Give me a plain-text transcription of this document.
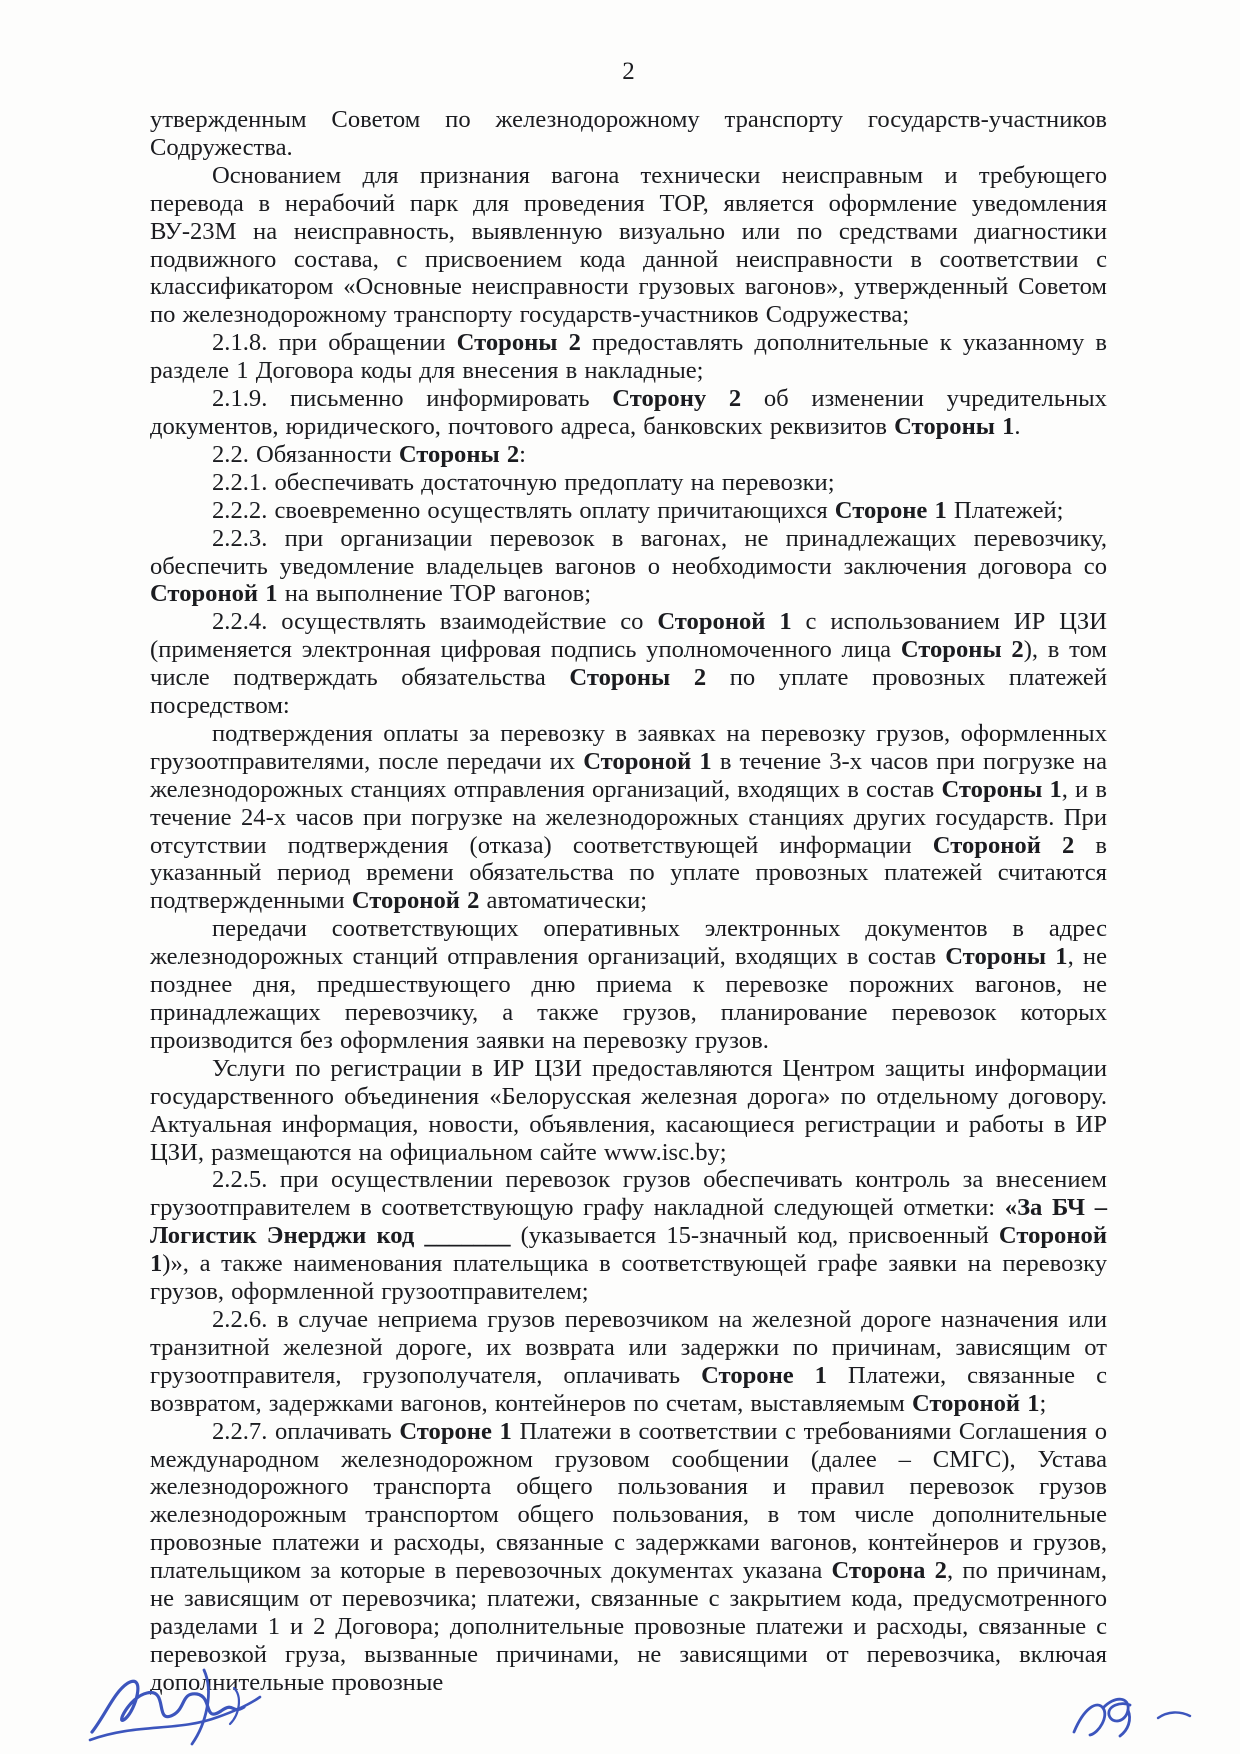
2

утвержденным Советом по железнодорожному транспорту государств-участников Содружества.

Основанием для признания вагона технически неисправным и требующего перевода в нерабочий парк для проведения ТОР, является оформление уведомления ВУ-23М на неисправность, выявленную визуально или по средствами диагностики подвижного состава, с присвоением кода данной неисправности в соответствии с классификатором «Основные неисправности грузовых вагонов», утвержденный Советом по железнодорожному транспорту государств-участников Содружества;

2.1.8. при обращении Стороны 2 предоставлять дополнительные к указанному в разделе 1 Договора коды для внесения в накладные;

2.1.9. письменно информировать Сторону 2 об изменении учредительных документов, юридического, почтового адреса, банковских реквизитов Стороны 1.

2.2. Обязанности Стороны 2:

2.2.1. обеспечивать достаточную предоплату на перевозки;

2.2.2. своевременно осуществлять оплату причитающихся Стороне 1 Платежей;

2.2.3. при организации перевозок в вагонах, не принадлежащих перевозчику, обеспечить уведомление владельцев вагонов о необходимости заключения договора со Стороной 1 на выполнение ТОР вагонов;

2.2.4. осуществлять взаимодействие со Стороной 1 с использованием ИР ЦЗИ (применяется электронная цифровая подпись уполномоченного лица Стороны 2), в том числе подтверждать обязательства Стороны 2 по уплате провозных платежей посредством:

подтверждения оплаты за перевозку в заявках на перевозку грузов, оформленных грузоотправителями, после передачи их Стороной 1 в течение 3-х часов при погрузке на железнодорожных станциях отправления организаций, входящих в состав Стороны 1, и в течение 24-х часов при погрузке на железнодорожных станциях других государств. При отсутствии подтверждения (отказа) соответствующей информации Стороной 2 в указанный период времени обязательства по уплате провозных платежей считаются подтвержденными Стороной 2 автоматически;

передачи соответствующих оперативных электронных документов в адрес железнодорожных станций отправления организаций, входящих в состав Стороны 1, не позднее дня, предшествующего дню приема к перевозке порожних вагонов, не принадлежащих перевозчику, а также грузов, планирование перевозок которых производится без оформления заявки на перевозку грузов.

Услуги по регистрации в ИР ЦЗИ предоставляются Центром защиты информации государственного объединения «Белорусская железная дорога» по отдельному договору. Актуальная информация, новости, объявления, касающиеся регистрации и работы в ИР ЦЗИ, размещаются на официальном сайте www.isc.by;

2.2.5. при осуществлении перевозок грузов обеспечивать контроль за внесением грузоотправителем в соответствующую графу накладной следующей отметки: «За БЧ – Логистик Энерджи код _______ (указывается 15-значный код, присвоенный Стороной 1)», а также наименования плательщика в соответствующей графе заявки на перевозку грузов, оформленной грузоотправителем;

2.2.6. в случае неприема грузов перевозчиком на железной дороге назначения или транзитной железной дороге, их возврата или задержки по причинам, зависящим от грузоотправителя, грузополучателя, оплачивать Стороне 1 Платежи, связанные с возвратом, задержками вагонов, контейнеров по счетам, выставляемым Стороной 1;

2.2.7. оплачивать Стороне 1 Платежи в соответствии с требованиями Соглашения о международном железнодорожном грузовом сообщении (далее – СМГС), Устава железнодорожного транспорта общего пользования и правил перевозок грузов железнодорожным транспортом общего пользования, в том числе дополнительные провозные платежи и расходы, связанные с задержками вагонов, контейнеров и грузов, плательщиком за которые в перевозочных документах указана Сторона 2, по причинам, не зависящим от перевозчика; платежи, связанные с закрытием кода, предусмотренного разделами 1 и 2 Договора; дополнительные провозные платежи и расходы, связанные с перевозкой груза, вызванные причинами, не зависящими от перевозчика, включая дополнительные провозные
